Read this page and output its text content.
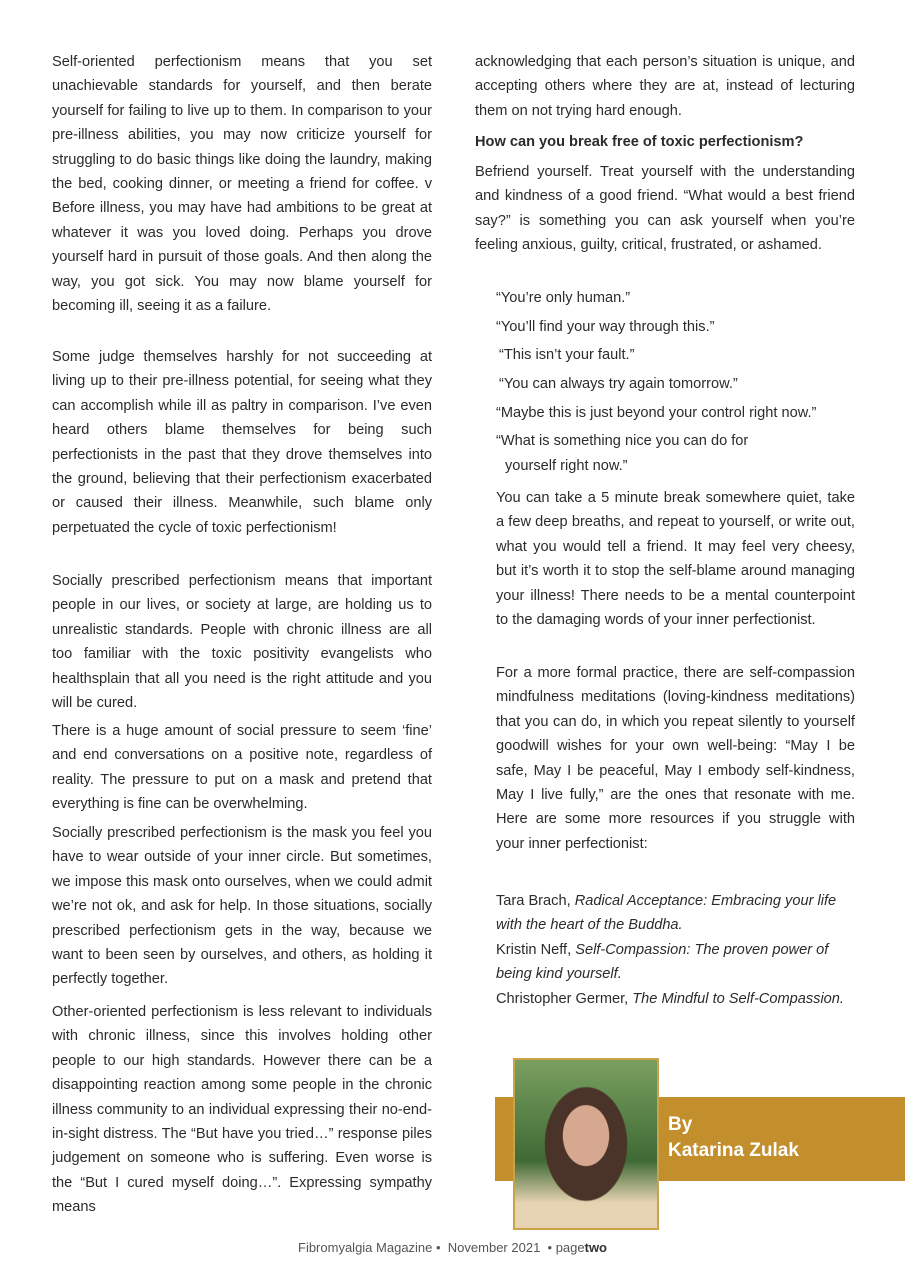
Self-oriented perfectionism means that you set unachievable standards for yourself, and then berate yourself for failing to live up to them. In comparison to your pre-illness abilities, you may now criticize yourself for struggling to do basic things like doing the laundry, making the bed, cooking dinner, or meeting a friend for coffee. v Before illness, you may have had ambitions to be great at whatever it was you loved doing. Perhaps you drove yourself hard in pursuit of those goals. And then along the way, you got sick. You may now blame yourself for becoming ill, seeing it as a failure.

Some judge themselves harshly for not succeeding at living up to their pre-illness potential, for seeing what they can accomplish while ill as paltry in comparison. I’ve even heard others blame themselves for being such perfectionists in the past that they drove themselves into the ground, believing that their perfectionism exacerbated or caused their illness. Meanwhile, such blame only perpetuated the cycle of toxic perfectionism!

Socially prescribed perfectionism means that important people in our lives, or society at large, are holding us to unrealistic standards. People with chronic illness are all too familiar with the toxic positivity evangelists who healthsplain that all you need is the right attitude and you will be cured.

There is a huge amount of social pressure to seem ‘fine’ and end conversations on a positive note, regardless of reality. The pressure to put on a mask and pretend that everything is fine can be overwhelming.

Socially prescribed perfectionism is the mask you feel you have to wear outside of your inner circle. But sometimes, we impose this mask onto ourselves, when we could admit we’re not ok, and ask for help. In those situations, socially prescribed perfectionism gets in the way, because we want to been seen by ourselves, and others, as holding it perfectly together.

Other-oriented perfectionism is less relevant to individuals with chronic illness, since this involves holding other people to our high standards. However there can be a disappointing reaction among some people in the chronic illness community to an individual expressing their no-end-in-sight distress. The “But have you tried…” response piles judgement on someone who is suffering. Even worse is the “But I cured myself doing…”. Expressing sympathy means

acknowledging that each person’s situation is unique, and accepting others where they are at, instead of lecturing them on not trying hard enough.

How can you break free of toxic perfectionism?

Befriend yourself. Treat yourself with the understanding and kindness of a good friend. “What would a best friend say?” is something you can ask yourself when you’re feeling anxious, guilty, critical, frustrated, or ashamed.

“You’re only human.”

“You’ll find your way through this.”

“This isn’t your fault.”

“You can always try again tomorrow.”

“Maybe this is just beyond your control right now.”

“What is something nice you can do for

yourself right now.”

You can take a 5 minute break somewhere quiet, take a few deep breaths, and repeat to yourself, or write out, what you would tell a friend. It may feel very cheesy, but it’s worth it to stop the self-blame around managing your illness! There needs to be a mental counterpoint to the damaging words of your inner perfectionist.

For a more formal practice, there are self-compassion mindfulness meditations (loving-kindness meditations) that you can do, in which you repeat silently to yourself goodwill wishes for your own well-being: “May I be safe, May I be peaceful, May I embody self-kindness, May I live fully,” are the ones that resonate with me. Here are some more resources if you struggle with your inner perfectionist:

Tara Brach, Radical Acceptance: Embracing your life with the heart of the Buddha.
Kristin Neff, Self-Compassion: The proven power of being kind yourself.
Christopher Germer, The Mindful to Self-Compassion.
By
Katarina Zulak
Fibromyalgia Magazine •  November 2021  • pagetwo
